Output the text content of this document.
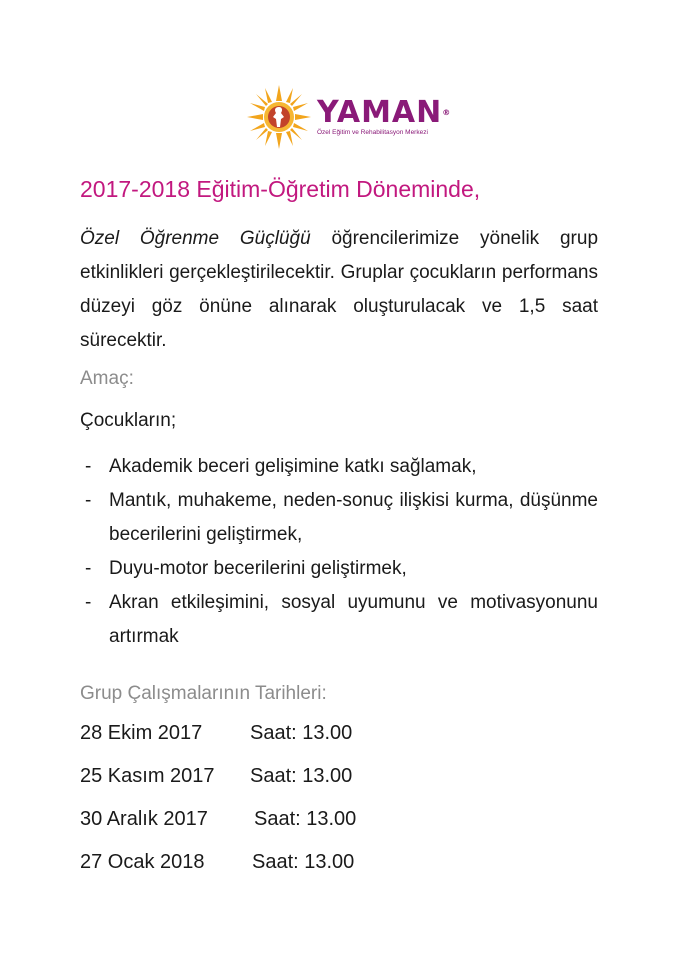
YAMAN®
Özel Eğitim ve Rehabilitasyon Merkezi
2017-2018 Eğitim-Öğretim Döneminde,

Özel Öğrenme Güçlüğü öğrencilerimize yönelik grup etkinlikleri gerçekleştirilecektir. Gruplar çocukların performans düzeyi göz önüne alınarak oluşturulacak ve 1,5 saat sürecektir.

Amaç:
Çocukların;
- Akademik beceri gelişimine katkı sağlamak,
- Mantık, muhakeme, neden-sonuç ilişkisi kurma, düşünme becerilerini geliştirmek,
- Duyu-motor becerilerini geliştirmek,
- Akran etkileşimini, sosyal uyumunu ve motivasyonunu artırmak
Grup Çalışmalarının Tarihleri:
28 Ekim 2017	Saat: 13.00
25 Kasım 2017	Saat: 13.00
30 Aralık 2017	Saat: 13.00
27 Ocak 2018	Saat: 13.00
